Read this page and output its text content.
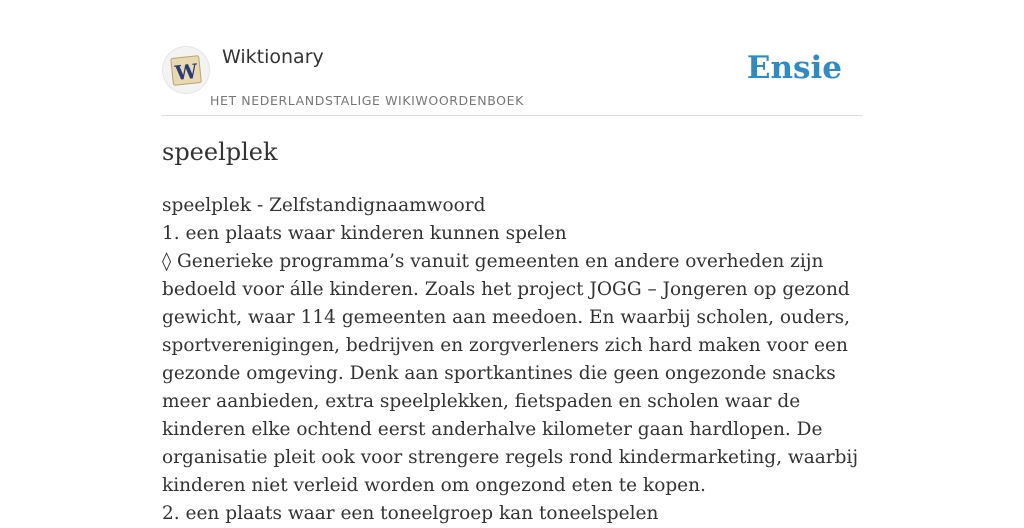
W
Wiktionary
HET NEDERLANDSTALIGE WIKIWOORDENBOEK
Ensie
speelplek

speelplek - Zelfstandignaamwoord

1. een plaats waar kinderen kunnen spelen

◊ Generieke programma’s vanuit gemeenten en andere overheden zijn bedoeld voor álle kinderen. Zoals het project JOGG – Jongeren op gezond gewicht, waar 114 gemeenten aan meedoen. En waarbij scholen, ouders, sportverenigingen, bedrijven en zorgverleners zich hard maken voor een gezonde omgeving. Denk aan sportkantines die geen ongezonde snacks meer aanbieden, extra speelplekken, fietspaden en scholen waar de kinderen elke ochtend eerst anderhalve kilometer gaan hardlopen. De organisatie pleit ook voor strengere regels rond kindermarketing, waarbij kinderen niet verleid worden om ongezond eten te kopen.

2. een plaats waar een toneelgroep kan toneelspelen
